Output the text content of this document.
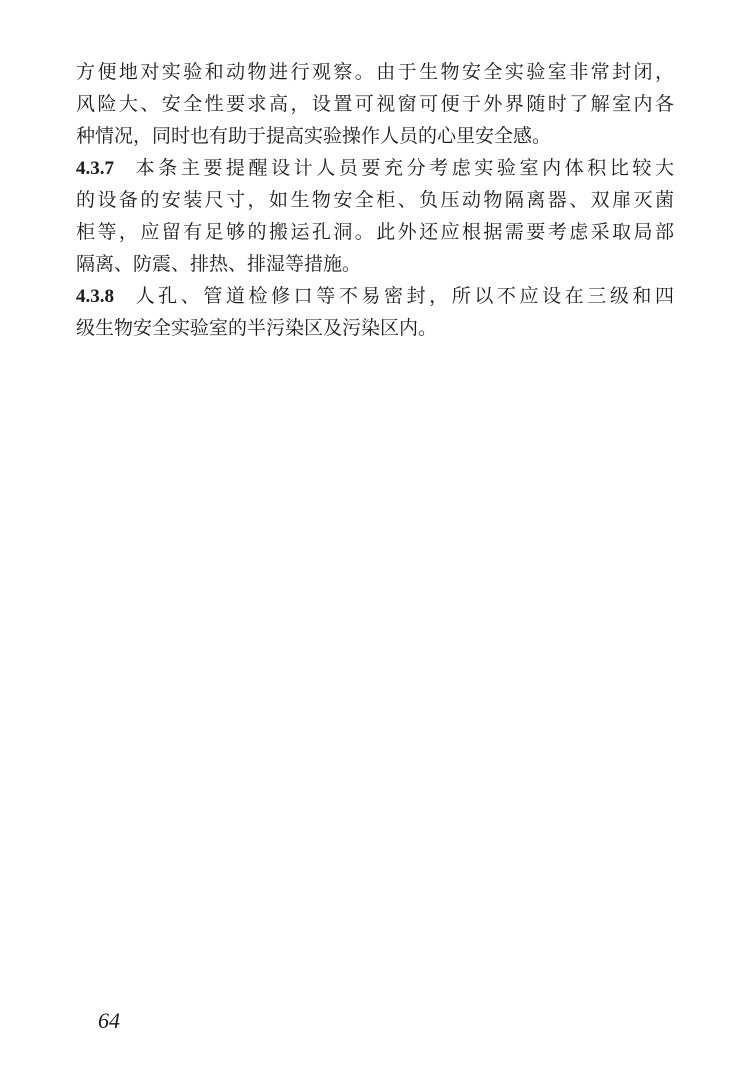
方便地对实验和动物进行观察。由于生物安全实验室非常封闭，
风险大、安全性要求高，设置可视窗可便于外界随时了解室内各
种情况，同时也有助于提高实验操作人员的心里安全感。
4.3.7 本条主要提醒设计人员要充分考虑实验室内体积比较大
的设备的安装尺寸，如生物安全柜、负压动物隔离器、双扉灭菌
柜等，应留有足够的搬运孔洞。此外还应根据需要考虑采取局部
隔离、防震、排热、排湿等措施。
4.3.8 人孔、管道检修口等不易密封，所以不应设在三级和四
级生物安全实验室的半污染区及污染区内。
64
